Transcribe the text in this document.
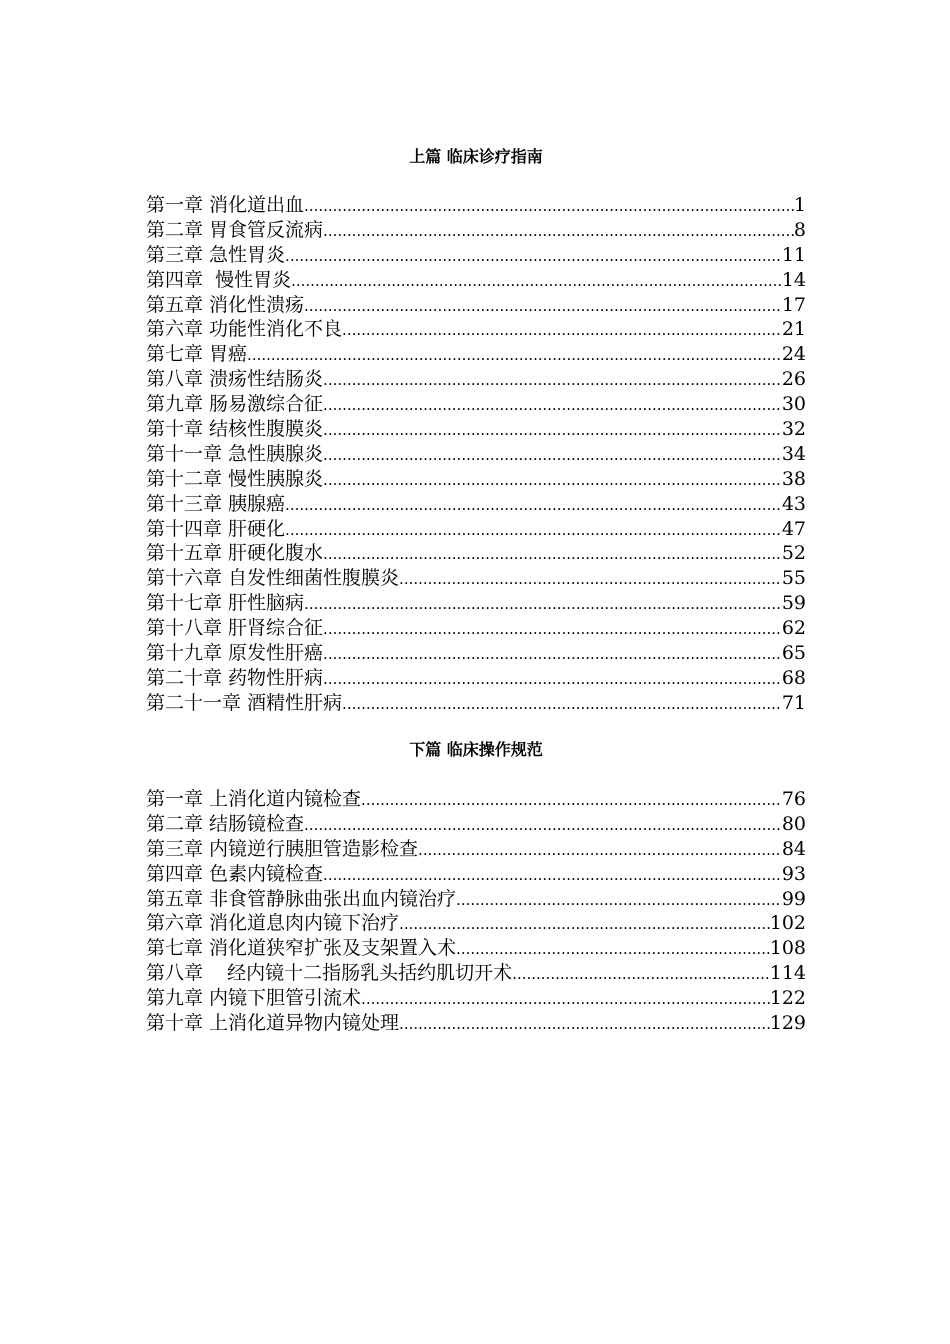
上篇 临床诊疗指南
第一章 消化道出血 .....	1
第二章 胃食管反流病 .....	8
第三章 急性胃炎 .....	11
第四章  慢性胃炎 .....	14
第五章 消化性溃疡 .....	17
第六章 功能性消化不良 .....	21
第七章 胃癌 .....	24
第八章 溃疡性结肠炎 .....	26
第九章 肠易激综合征 .....	30
第十章 结核性腹膜炎 .....	32
第十一章 急性胰腺炎 .....	34
第十二章 慢性胰腺炎 .....	38
第十三章 胰腺癌 .....	43
第十四章 肝硬化 .....	47
第十五章 肝硬化腹水 .....	52
第十六章 自发性细菌性腹膜炎 .....	55
第十七章 肝性脑病 .....	59
第十八章 肝肾综合征 .....	62
第十九章 原发性肝癌 .....	65
第二十章 药物性肝病 .....	68
第二十一章 酒精性肝病 .....	71
下篇 临床操作规范
第一章 上消化道内镜检查 .....	76
第二章 结肠镜检查 .....	80
第三章 内镜逆行胰胆管造影检查 .....	84
第四章 色素内镜检查 .....	93
第五章 非食管静脉曲张出血内镜治疗 .....	99
第六章 消化道息肉内镜下治疗 .....	102
第七章 消化道狭窄扩张及支架置入术 .....	108
第八章    经内镜十二指肠乳头括约肌切开术 .....	114
第九章 内镜下胆管引流术 .....	122
第十章 上消化道异物内镜处理 .....	129
